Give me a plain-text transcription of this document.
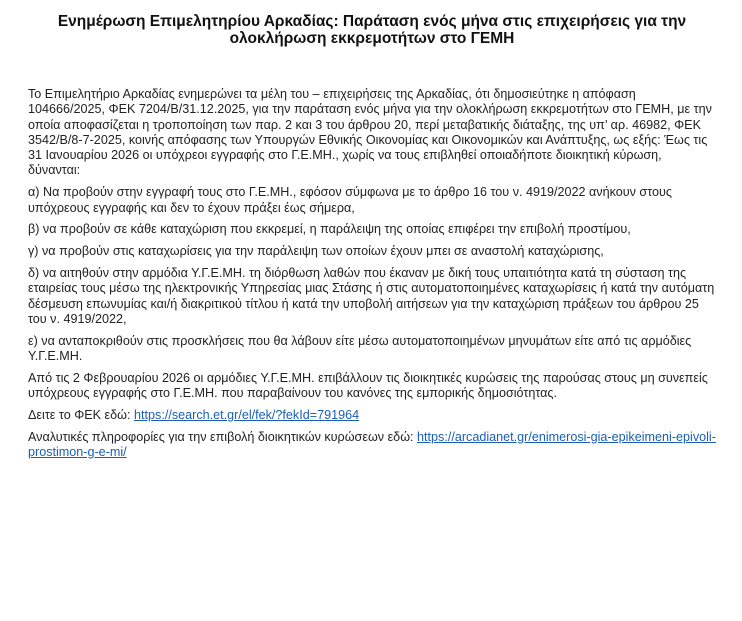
Ενημέρωση Επιμελητηρίου Αρκαδίας: Παράταση ενός μήνα στις επιχειρήσεις για την ολοκλήρωση εκκρεμοτήτων στο ΓΕΜΗ

Το Επιμελητήριο Αρκαδίας ενημερώνει τα μέλη του – επιχειρήσεις της Αρκαδίας, ότι δημοσιεύτηκε η απόφαση 104666/2025, ΦΕΚ 7204/Β/31.12.2025, για την παράταση ενός μήνα για την ολοκλήρωση εκκρεμοτήτων στο ΓΕΜΗ, με την οποία αποφασίζεται η τροποποίηση των παρ. 2 και 3 του άρθρου 20, περί μεταβατικής διάταξης, της υπ’ αρ. 46982, ΦΕΚ 3542/Β/8-7-2025, κοινής απόφασης των Υπουργών Εθνικής Οικονομίας και Οικονομικών και Ανάπτυξης, ως εξής: Έως τις 31 Ιανουαρίου 2026 οι υπόχρεοι εγγραφής στο Γ.Ε.ΜΗ., χωρίς να τους επιβληθεί οποιαδήποτε διοικητική κύρωση, δύνανται:

α) Να προβούν στην εγγραφή τους στο Γ.Ε.ΜΗ., εφόσον σύμφωνα με το άρθρο 16 του ν. 4919/2022 ανήκουν στους υπόχρεους εγγραφής και δεν το έχουν πράξει έως σήμερα,

β) να προβούν σε κάθε καταχώριση που εκκρεμεί, η παράλειψη της οποίας επιφέρει την επιβολή προστίμου,

γ) να προβούν στις καταχωρίσεις για την παράλειψη των οποίων έχουν μπει σε αναστολή καταχώρισης,

δ) να αιτηθούν στην αρμόδια Υ.Γ.Ε.ΜΗ. τη διόρθωση λαθών που έκαναν με δική τους υπαιτιότητα κατά τη σύσταση της εταιρείας τους μέσω της ηλεκτρονικής Υπηρεσίας μιας Στάσης ή στις αυτοματοποιημένες καταχωρίσεις ή κατά την αυτόματη δέσμευση επωνυμίας και/ή διακριτικού τίτλου ή κατά την υποβολή αιτήσεων για την καταχώριση πράξεων του άρθρου 25 του ν. 4919/2022,

ε) να ανταποκριθούν στις προσκλήσεις που θα λάβουν είτε μέσω αυτοματοποιημένων μηνυμάτων είτε από τις αρμόδιες Υ.Γ.Ε.ΜΗ.

Από τις 2 Φεβρουαρίου 2026 οι αρμόδιες Υ.Γ.Ε.ΜΗ. επιβάλλουν τις διοικητικές κυρώσεις της παρούσας στους μη συνεπείς υπόχρεους εγγραφής στο Γ.Ε.ΜΗ. που παραβαίνουν του κανόνες της εμπορικής δημοσιότητας.

Δειτε το ΦΕΚ εδώ: https://search.et.gr/el/fek/?fekId=791964

Αναλυτικές πληροφορίες για την επιβολή διοικητικών κυρώσεων εδώ: https://arcadianet.gr/enimerosi-gia-epikeimeni-epivoli-prostimon-g-e-mi/
